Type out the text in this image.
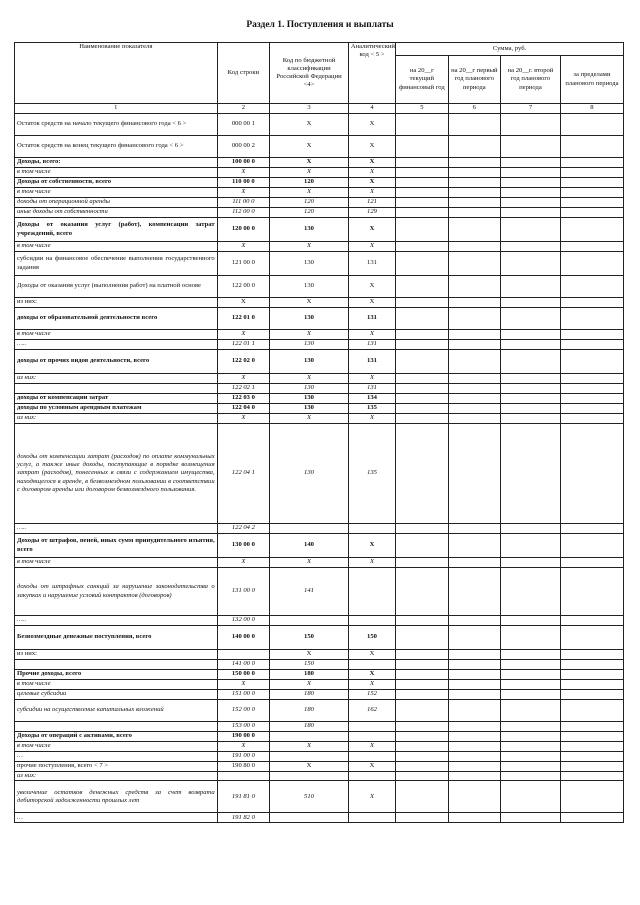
Раздел 1. Поступления и выплаты
Наименование показателя	Код строки	Код по бюджетной классификации Российской Федерации <4>	Аналитический код < 5 >	Сумма, руб.			
				на 20__г текущий финансовый год	на 20__г первый год планового периода	на 20__г. второй год планового периода	за пределами планового периода
1	2	3	4	5	6	7	8
Остаток средств на начало текущего финансового года < 6 >	000 00 1	Х	Х				
Остаток средств на конец текущего финансового года < 6 >	000 00 2	Х	Х				
Доходы, всего:	100 00 0	Х	Х				
в том числе	Х	Х	Х				
Доходы от собственности, всего	110 00 0	120	Х				
в том числе	Х	Х	Х				
доходы от операционной аренды	111 00 0	120	121				
иные доходы от собственности	112 00 0	120	129				
Доходы от оказания услуг (работ), компенсации затрат учреждений, всего	120 00 0	130	Х				
в том числе	Х	Х	Х				
субсидии на финансовое обеспечение выполнения государственного задания	121 00 0	130	131				
Доходы от оказания услуг (выполнения работ) на платной основе	122 00 0	130	Х				
из них:	Х	Х	Х				
доходы от образовательной деятельности всего	122 01 0	130	131				
в том числе	Х	Х	Х				
…..	122 01 1	130	131				
доходы от прочих видов деятельности, всего	122 02 0	130	131				
из них:	Х	Х	Х				
	122 02 1	130	131				
доходы от компенсации затрат	122 03 0	130	134				
доходы по условным арендным платежам	122 04 0	130	135				
из них:	Х	Х	Х				
доходы от компенсации затрат (расходов) по оплате коммунальных услуг, а также иные доходы, поступающие в порядке возмещения затрат (расходов), понесенных в связи с содержанием имущества, находящегося в аренде, в безвозмездном пользовании в соответствии с договором аренды или договором безвозмездного пользования.	122 04 1	130	135				
…..	122 04 2						
Доходы от штрафов, пеней, иных сумм принудительного изъятия, всего	130 00 0	140	Х				
в том числе	Х	Х	Х				
доходы от штрафных санкций за нарушение законодательства о закупках и нарушение условий контрактов (договоров)	131 00 0	141					
…..	132 00 0						
Безвозмездные денежные поступления, всего	140 00 0	150	150				
из них:		Х	Х				
	141 00 0	150					
Прочие доходы, всего	150 00 0	180	Х				
в том числе	Х	Х	Х				
целевые субсидии	151 00 0	180	152				
субсидии на осуществление капитальных вложений	152 00 0	180	162				
	153 00 0	180					
Доходы от операций с активами, всего	190 00 0						
в том числе	Х	Х	Х				
…	191 00 0						
прочие поступления, всего < 7 >	190 80 0	Х	Х				
из них:							
увеличение остатков денежных средств за счет возврата дебиторской задолженности прошлых лет	191 81 0	510	Х				
…	191 82 0						
